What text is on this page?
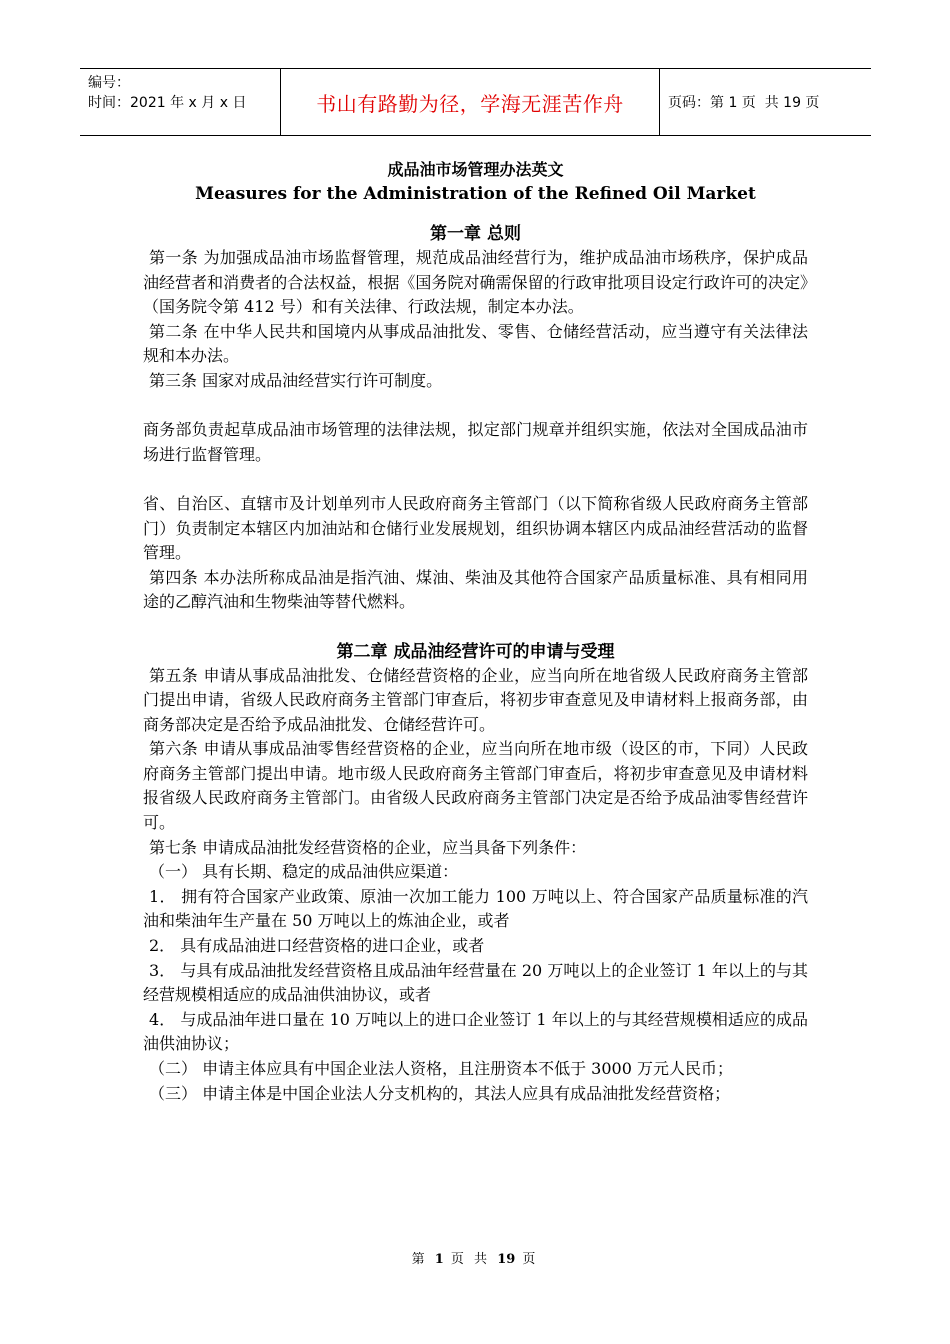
编号：
时间：2021 年 x 月 x 日	书山有路勤为径，学海无涯苦作舟	页码：第 1 页  共 19 页
成品油市场管理办法英文
Measures for the Administration of the Refined Oil Market
第一章 总则

第一条 为加强成品油市场监督管理，规范成品油经营行为，维护成品油市场秩序，保护成品油经营者和消费者的合法权益，根据《国务院对确需保留的行政审批项目设定行政许可的决定》（国务院令第 412 号）和有关法律、行政法规，制定本办法。

第二条 在中华人民共和国境内从事成品油批发、零售、仓储经营活动，应当遵守有关法律法规和本办法。

第三条 国家对成品油经营实行许可制度。

商务部负责起草成品油市场管理的法律法规，拟定部门规章并组织实施，依法对全国成品油市场进行监督管理。

省、自治区、直辖市及计划单列市人民政府商务主管部门（以下简称省级人民政府商务主管部门）负责制定本辖区内加油站和仓储行业发展规划，组织协调本辖区内成品油经营活动的监督管理。

第四条 本办法所称成品油是指汽油、煤油、柴油及其他符合国家产品质量标准、具有相同用途的乙醇汽油和生物柴油等替代燃料。

第二章 成品油经营许可的申请与受理

第五条 申请从事成品油批发、仓储经营资格的企业，应当向所在地省级人民政府商务主管部门提出申请，省级人民政府商务主管部门审查后，将初步审查意见及申请材料上报商务部，由商务部决定是否给予成品油批发、仓储经营许可。

第六条 申请从事成品油零售经营资格的企业，应当向所在地市级（设区的市，下同）人民政府商务主管部门提出申请。地市级人民政府商务主管部门审查后，将初步审查意见及申请材料报省级人民政府商务主管部门。由省级人民政府商务主管部门决定是否给予成品油零售经营许可。

第七条 申请成品油批发经营资格的企业，应当具备下列条件：

（一） 具有长期、稳定的成品油供应渠道：

1． 拥有符合国家产业政策、原油一次加工能力 100 万吨以上、符合国家产品质量标准的汽油和柴油年生产量在 50 万吨以上的炼油企业，或者

2． 具有成品油进口经营资格的进口企业，或者

3． 与具有成品油批发经营资格且成品油年经营量在 20 万吨以上的企业签订 1 年以上的与其经营规模相适应的成品油供油协议，或者

4． 与成品油年进口量在 10 万吨以上的进口企业签订 1 年以上的与其经营规模相适应的成品油供油协议；

（二） 申请主体应具有中国企业法人资格，且注册资本不低于 3000 万元人民币；

（三） 申请主体是中国企业法人分支机构的，其法人应具有成品油批发经营资格；

第 1 页 共 19 页
